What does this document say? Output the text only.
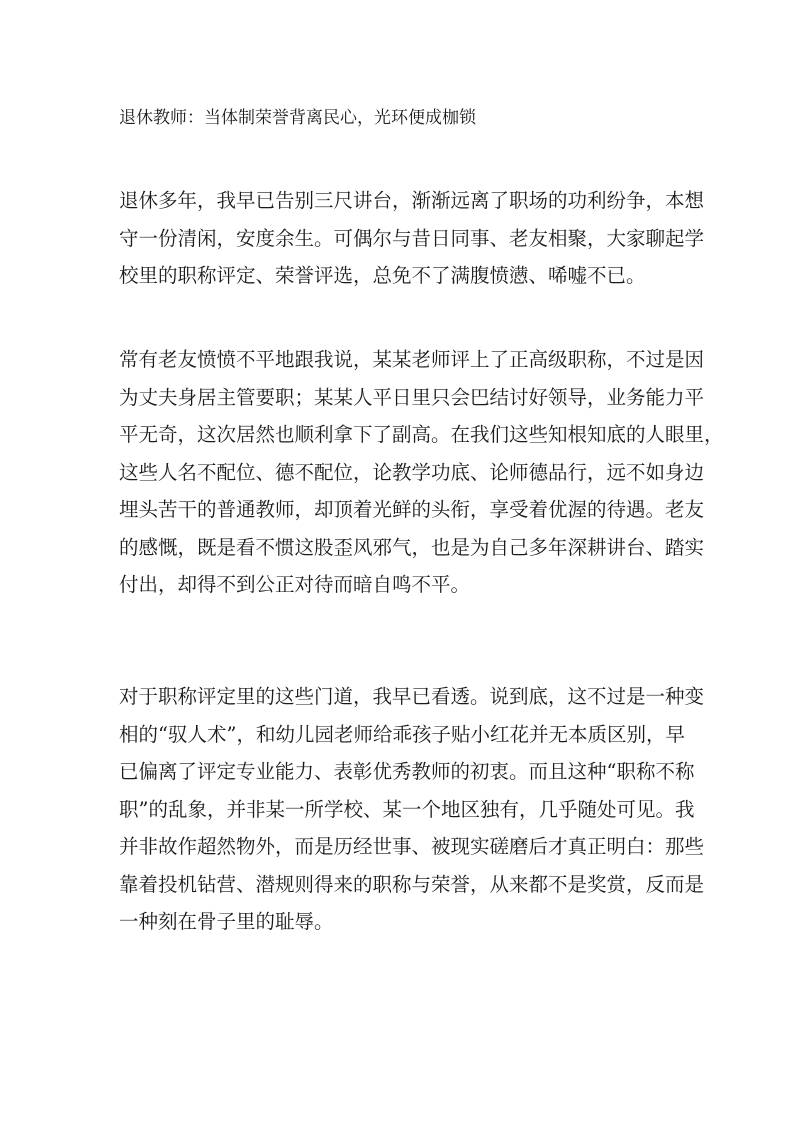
退休教师：当体制荣誉背离民心，光环便成枷锁
退休多年，我早已告别三尺讲台，渐渐远离了职场的功利纷争，本想
守一份清闲，安度余生。可偶尔与昔日同事、老友相聚，大家聊起学
校里的职称评定、荣誉评选，总免不了满腹愤懑、唏嘘不已。
常有老友愤愤不平地跟我说，某某老师评上了正高级职称，不过是因
为丈夫身居主管要职；某某人平日里只会巴结讨好领导，业务能力平
平无奇，这次居然也顺利拿下了副高。在我们这些知根知底的人眼里，
这些人名不配位、德不配位，论教学功底、论师德品行，远不如身边
埋头苦干的普通教师，却顶着光鲜的头衔，享受着优渥的待遇。老友
的感慨，既是看不惯这股歪风邪气，也是为自己多年深耕讲台、踏实
付出，却得不到公正对待而暗自鸣不平。
对于职称评定里的这些门道，我早已看透。说到底，这不过是一种变
相的“驭人术”，和幼儿园老师给乖孩子贴小红花并无本质区别，早
已偏离了评定专业能力、表彰优秀教师的初衷。而且这种“职称不称
职”的乱象，并非某一所学校、某一个地区独有，几乎随处可见。我
并非故作超然物外，而是历经世事、被现实磋磨后才真正明白：那些
靠着投机钻营、潜规则得来的职称与荣誉，从来都不是奖赏，反而是
一种刻在骨子里的耻辱。
